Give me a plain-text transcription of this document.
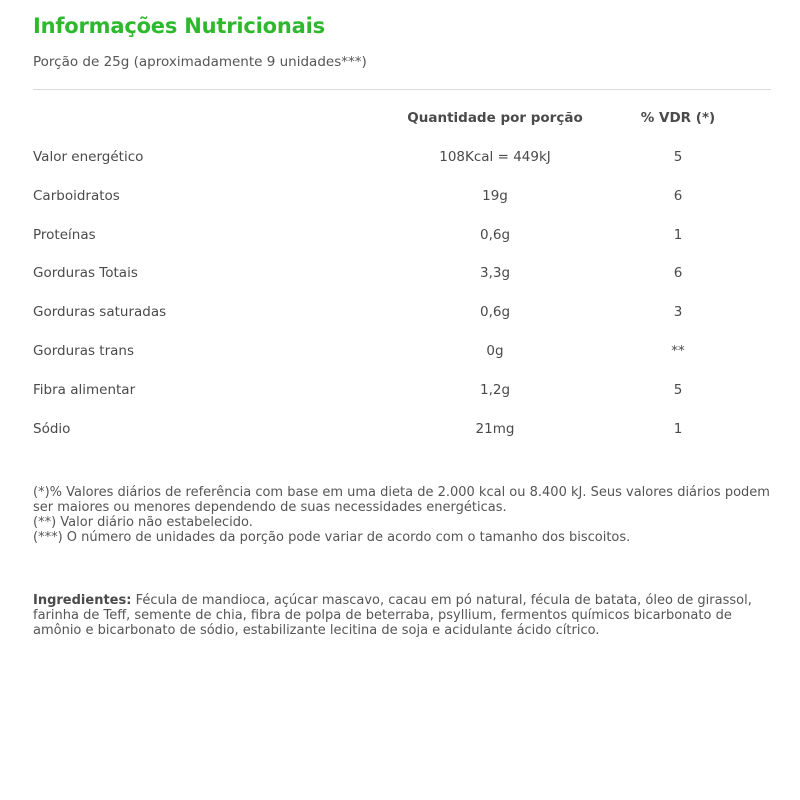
Informações Nutricionais
Porção de 25g (aproximadamente 9 unidades***)
Quantidade por porção	% VDR (*)
Valor energético	108Kcal = 449kJ	5
Carboidratos	19g	6
Proteínas	0,6g	1
Gorduras Totais	3,3g	6
Gorduras saturadas	0,6g	3
Gorduras trans	0g	**
Fibra alimentar	1,2g	5
Sódio	21mg	1
(*)% Valores diários de referência com base em uma dieta de 2.000 kcal ou 8.400 kJ. Seus valores diários podem ser maiores ou menores dependendo de suas necessidades energéticas.
(**) Valor diário não estabelecido.
(***) O número de unidades da porção pode variar de acordo com o tamanho dos biscoitos.
Ingredientes: Fécula de mandioca, açúcar mascavo, cacau em pó natural, fécula de batata, óleo de girassol, farinha de Teff, semente de chia, fibra de polpa de beterraba, psyllium, fermentos químicos bicarbonato de amônio e bicarbonato de sódio, estabilizante lecitina de soja e acidulante ácido cítrico.
